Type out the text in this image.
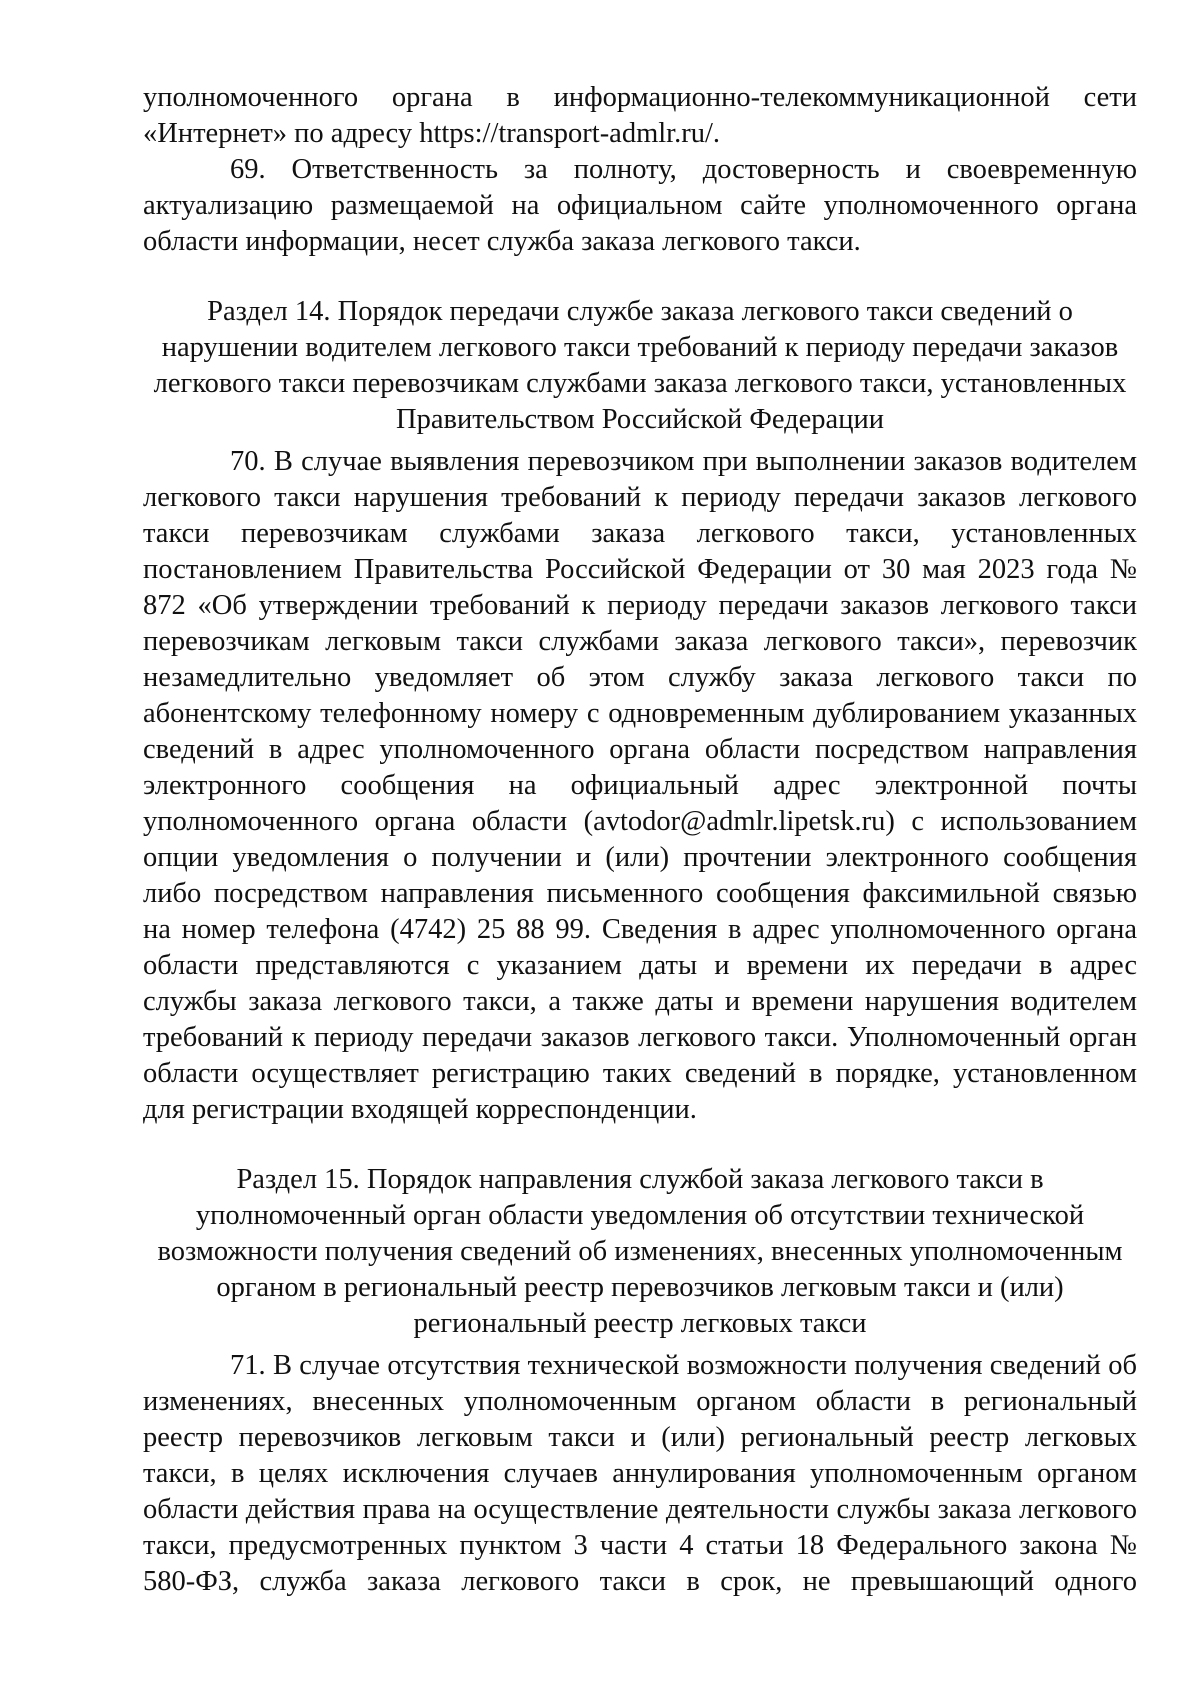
уполномоченного органа в информационно-телекоммуникационной сети «Интернет» по адресу https://transport-admlr.ru/.

69. Ответственность за полноту, достоверность и своевременную актуализацию размещаемой на официальном сайте уполномоченного органа области информации, несет служба заказа легкового такси.

Раздел 14. Порядок передачи службе заказа легкового такси сведений о нарушении водителем легкового такси требований к периоду передачи заказов легкового такси перевозчикам службами заказа легкового такси, установленных Правительством Российской Федерации

70. В случае выявления перевозчиком при выполнении заказов водителем легкового такси нарушения требований к периоду передачи заказов легкового такси перевозчикам службами заказа легкового такси, установленных постановлением Правительства Российской Федерации от 30 мая 2023 года № 872 «Об утверждении требований к периоду передачи заказов легкового такси перевозчикам легковым такси службами заказа легкового такси», перевозчик незамедлительно уведомляет об этом службу заказа легкового такси по абонентскому телефонному номеру с одновременным дублированием указанных сведений в адрес уполномоченного органа области посредством направления электронного сообщения на официальный адрес электронной почты уполномоченного органа области (avtodor@admlr.lipetsk.ru) с использованием опции уведомления о получении и (или) прочтении электронного сообщения либо посредством направления письменного сообщения факсимильной связью на номер телефона (4742) 25 88 99. Сведения в адрес уполномоченного органа области представляются с указанием даты и времени их передачи в адрес службы заказа легкового такси, а также даты и времени нарушения водителем требований к периоду передачи заказов легкового такси. Уполномоченный орган области осуществляет регистрацию таких сведений в порядке, установленном для регистрации входящей корреспонденции.

Раздел 15. Порядок направления службой заказа легкового такси в уполномоченный орган области уведомления об отсутствии технической возможности получения сведений об изменениях, внесенных уполномоченным органом в региональный реестр перевозчиков легковым такси и (или) региональный реестр легковых такси

71. В случае отсутствия технической возможности получения сведений об изменениях, внесенных уполномоченным органом области в региональный реестр перевозчиков легковым такси и (или) региональный реестр легковых такси, в целях исключения случаев аннулирования уполномоченным органом области действия права на осуществление деятельности службы заказа легкового такси, предусмотренных пунктом 3 части 4 статьи 18 Федерального закона № 580-ФЗ, служба заказа легкового такси в срок, не превышающий одного
